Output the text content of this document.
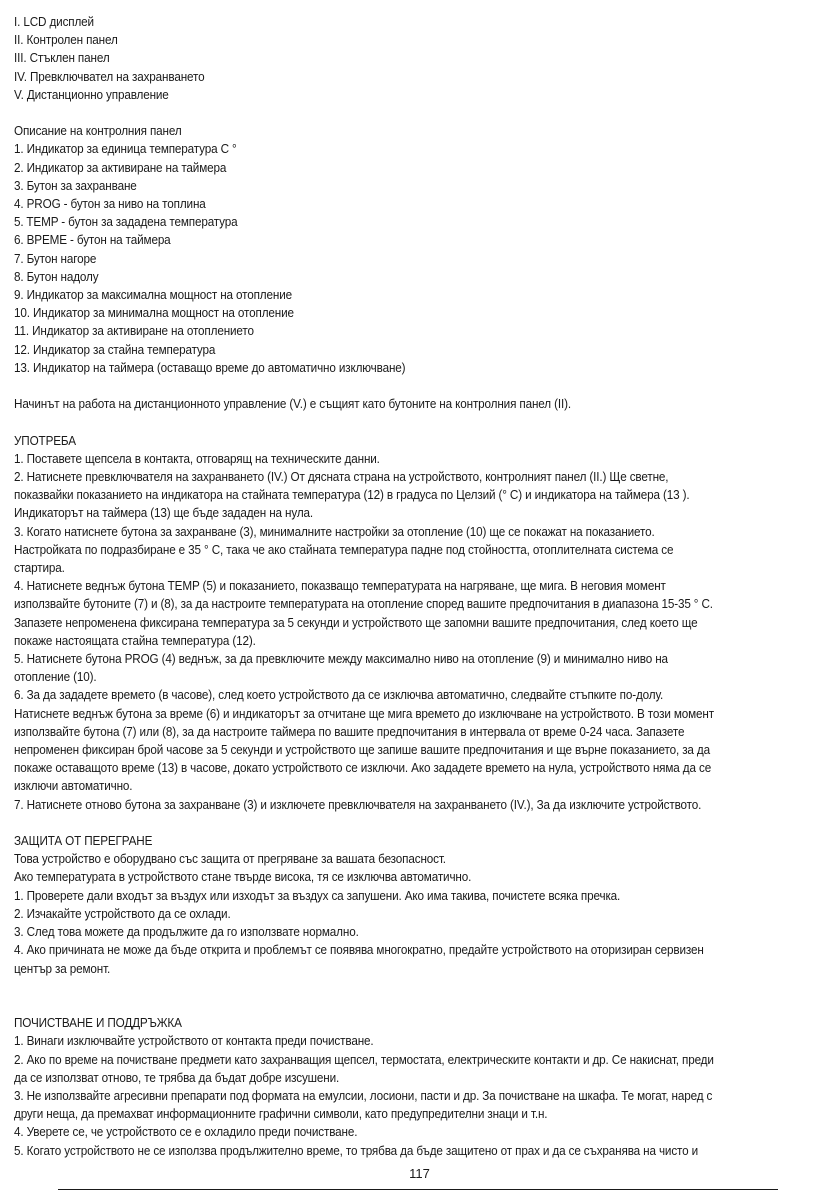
I. LCD дисплей
II. Контролен панел
III. Стъклен панел
IV. Превключвател на захранването
V. Дистанционно управление
Описание на контролния панел
1. Индикатор за единица температура C °
2. Индикатор за активиране на таймера
3. Бутон за захранване
4. PROG - бутон за ниво на топлина
5. TEMP - бутон за зададена температура
6. ВРЕМЕ - бутон на таймера
7. Бутон нагоре
8. Бутон надолу
9. Индикатор за максимална мощност на отопление
10. Индикатор за минимална мощност на отопление
11. Индикатор за активиране на отоплението
12. Индикатор за стайна температура
13. Индикатор на таймера (оставащо време до автоматично изключване)
Начинът на работа на дистанционното управление (V.) е същият като бутоните на контролния панел (II).
УПОТРЕБА
1. Поставете щепсела в контакта, отговарящ на техническите данни.
2. Натиснете превключвателя на захранването (IV.) От дясната страна на устройството, контролният панел (II.) Ще светне,
показвайки показанието на индикатора на стайната температура (12) в градуса по Целзий (° C) и индикатора на таймера (13 ).
Индикаторът на таймера (13) ще бъде зададен на нула.
3. Когато натиснете бутона за захранване (3), минималните настройки за отопление (10) ще се покажат на показанието.
Настройката по подразбиране е 35 ° C, така че ако стайната температура падне под стойността, отоплителната система се
стартира.
4. Натиснете веднъж бутона TEMP (5) и показанието, показващо температурата на нагряване, ще мига. В неговия момент
използвайте бутоните (7) и (8), за да настроите температурата на отопление според вашите предпочитания в диапазона 15-35 ° C.
Запазете непроменена фиксирана температура за 5 секунди и устройството ще запомни вашите предпочитания, след което ще
покаже настоящата стайна температура (12).
5. Натиснете бутона PROG (4) веднъж, за да превключите между максимално ниво на отопление (9) и минимално ниво на
отопление (10).
6. За да зададете времето (в часове), след което устройството да се изключва автоматично, следвайте стъпките по-долу.
Натиснете веднъж бутона за време (6) и индикаторът за отчитане ще мига времето до изключване на устройството. В този момент
използвайте бутона (7) или (8), за да настроите таймера по вашите предпочитания в интервала от време 0-24 часа. Запазете
непроменен фиксиран брой часове за 5 секунди и устройството ще запише вашите предпочитания и ще върне показанието, за да
покаже оставащото време (13) в часове, докато устройството се изключи. Ако зададете времето на нула, устройството няма да се
изключи автоматично.
7. Натиснете отново бутона за захранване (3) и изключете превключвателя на захранването (IV.), За да изключите устройството.
ЗАЩИТА ОТ ПЕРЕГРАНЕ
Това устройство е оборудвано със защита от прегряване за вашата безопасност.
Ако температурата в устройството стане твърде висока, тя се изключва автоматично.
1. Проверете дали входът за въздух или изходът за въздух са запушени. Ако има такива, почистете всяка пречка.
2. Изчакайте устройството да се охлади.
3. След това можете да продължите да го използвате нормално.
4. Ако причината не може да бъде открита и проблемът се появява многократно, предайте устройството на оторизиран сервизен
център за ремонт.
ПОЧИСТВАНЕ И ПОДДРЪЖКА
1. Винаги изключвайте устройството от контакта преди почистване.
2. Ако по време на почистване предмети като захранващия щепсел, термостата, електрическите контакти и др. Се накиснат, преди
да се използват отново, те трябва да бъдат добре изсушени.
3. Не използвайте агресивни препарати под формата на емулсии, лосиони, пасти и др. За почистване на шкафа. Те могат, наред с
други неща, да премахват информационните графични символи, като предупредителни знаци и т.н.
4. Уверете се, че устройството се е охладило преди почистване.
5. Когато устройството не се използва продължително време, то трябва да бъде защитено от прах и да се съхранява на чисто и
117
